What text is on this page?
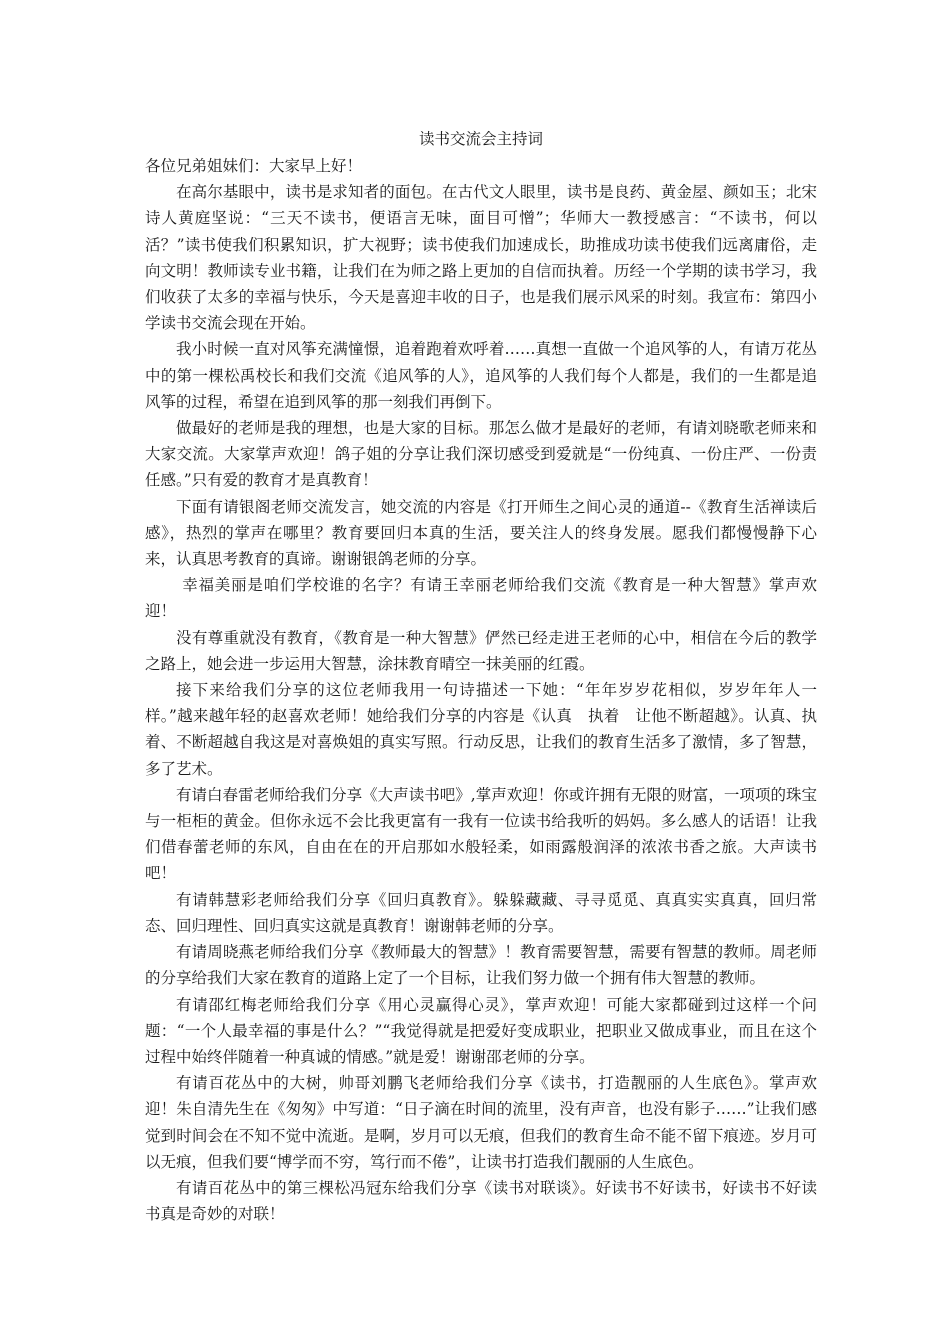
读书交流会主持词

各位兄弟姐妹们：大家早上好！

在高尔基眼中，读书是求知者的面包。在古代文人眼里，读书是良药、黄金屋、颜如玉；北宋诗人黄庭坚说：“三天不读书，便语言无味，面目可憎”；华师大一教授感言：“不读书，何以活？”读书使我们积累知识，扩大视野；读书使我们加速成长，助推成功读书使我们远离庸俗，走向文明！教师读专业书籍，让我们在为师之路上更加的自信而执着。历经一个学期的读书学习，我们收获了太多的幸福与快乐，今天是喜迎丰收的日子，也是我们展示风采的时刻。我宣布：第四小学读书交流会现在开始。

我小时候一直对风筝充满憧憬，追着跑着欢呼着……真想一直做一个追风筝的人，有请万花丛中的第一棵松禹校长和我们交流《追风筝的人》，追风筝的人我们每个人都是，我们的一生都是追风筝的过程，希望在追到风筝的那一刻我们再倒下。

做最好的老师是我的理想，也是大家的目标。那怎么做才是最好的老师，有请刘晓歌老师来和大家交流。大家掌声欢迎！鸽子姐的分享让我们深切感受到爱就是“一份纯真、一份庄严、一份责任感。”只有爱的教育才是真教育！

下面有请银阁老师交流发言，她交流的内容是《打开师生之间心灵的通道--《教育生活禅读后感》，热烈的掌声在哪里？教育要回归本真的生活，要关注人的终身发展。愿我们都慢慢静下心来，认真思考教育的真谛。谢谢银鸽老师的分享。

幸福美丽是咱们学校谁的名字？有请王幸丽老师给我们交流《教育是一种大智慧》掌声欢迎！

没有尊重就没有教育，《教育是一种大智慧》俨然已经走进王老师的心中，相信在今后的教学之路上，她会进一步运用大智慧，涂抹教育晴空一抹美丽的红霞。

接下来给我们分享的这位老师我用一句诗描述一下她：“年年岁岁花相似，岁岁年年人一样。”越来越年轻的赵喜欢老师！她给我们分享的内容是《认真　执着　让他不断超越》。认真、执着、不断超越自我这是对喜焕姐的真实写照。行动反思，让我们的教育生活多了激情，多了智慧，多了艺术。

有请白春雷老师给我们分享《大声读书吧》,掌声欢迎！你或许拥有无限的财富，一项项的珠宝与一柜柜的黄金。但你永远不会比我更富有一我有一位读书给我听的妈妈。多么感人的话语！让我们借春蕾老师的东风，自由在在的开启那如水般轻柔，如雨露般润泽的浓浓书香之旅。大声读书吧！

有请韩慧彩老师给我们分享《回归真教育》。躲躲藏藏、寻寻觅觅、真真实实真真，回归常态、回归理性、回归真实这就是真教育！谢谢韩老师的分享。

有请周晓燕老师给我们分享《教师最大的智慧》！教育需要智慧，需要有智慧的教师。周老师的分享给我们大家在教育的道路上定了一个目标，让我们努力做一个拥有伟大智慧的教师。

有请邵红梅老师给我们分享《用心灵赢得心灵》，掌声欢迎！可能大家都碰到过这样一个问题：“一个人最幸福的事是什么？”“我觉得就是把爱好变成职业，把职业又做成事业，而且在这个过程中始终伴随着一种真诚的情感。”就是爱！谢谢邵老师的分享。

有请百花丛中的大树，帅哥刘鹏飞老师给我们分享《读书，打造靓丽的人生底色》。掌声欢迎！朱自清先生在《匆匆》中写道：“日子滴在时间的流里，没有声音，也没有影子……”让我们感觉到时间会在不知不觉中流逝。是啊，岁月可以无痕，但我们的教育生命不能不留下痕迹。岁月可以无痕，但我们要“博学而不穷，笃行而不倦”，让读书打造我们靓丽的人生底色。

有请百花丛中的第三棵松冯冠东给我们分享《读书对联谈》。好读书不好读书，好读书不好读书真是奇妙的对联！
